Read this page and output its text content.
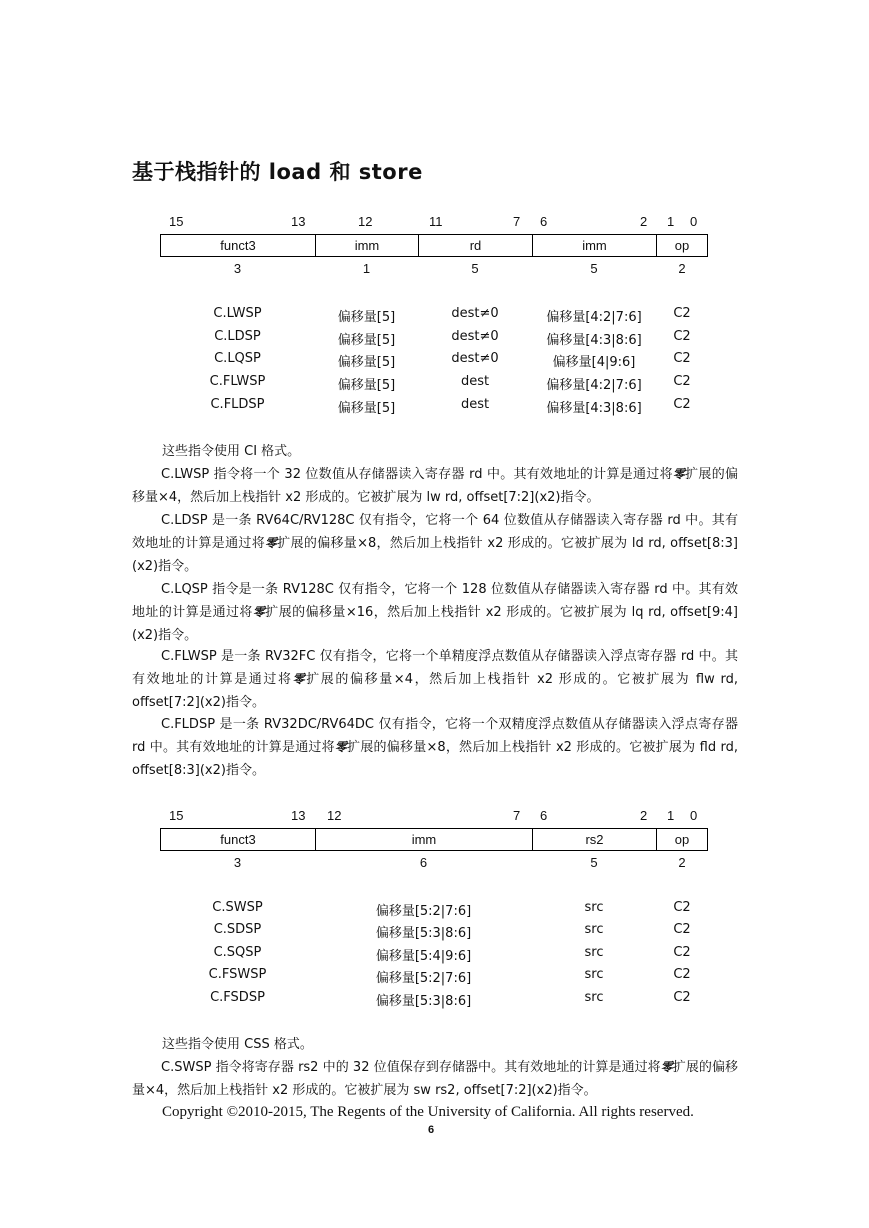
基于栈指针的 load 和 store
15	13	12	11	7 6	2 1 0
funct3	imm	rd	imm	op
3	1	5	5	2
C.LWSP	偏移量[5]	dest≠0	偏移量[4:2|7:6]	C2
C.LDSP	偏移量[5]	dest≠0	偏移量[4:3|8:6]	C2
C.LQSP	偏移量[5]	dest≠0	偏移量[4|9:6]	C2
C.FLWSP	偏移量[5]	dest	偏移量[4:2|7:6]	C2
C.FLDSP	偏移量[5]	dest	偏移量[4:3|8:6]	C2
这些指令使用 CI 格式。
C.LWSP 指令将一个 32 位数值从存储器读入寄存器 rd 中。其有效地址的计算是通过将零扩展的偏移量×4，然后加上栈指针 x2 形成的。它被扩展为 lw rd, offset[7:2](x2)指令。
C.LDSP 是一条 RV64C/RV128C 仅有指令，它将一个 64 位数值从存储器读入寄存器 rd 中。其有效地址的计算是通过将零扩展的偏移量×8，然后加上栈指针 x2 形成的。它被扩展为 ld rd, offset[8:3](x2)指令。
C.LQSP 指令是一条 RV128C 仅有指令，它将一个 128 位数值从存储器读入寄存器 rd 中。其有效地址的计算是通过将零扩展的偏移量×16，然后加上栈指针 x2 形成的。它被扩展为 lq rd, offset[9:4](x2)指令。
C.FLWSP 是一条 RV32FC 仅有指令，它将一个单精度浮点数值从存储器读入浮点寄存器 rd 中。其有效地址的计算是通过将零扩展的偏移量×4，然后加上栈指针 x2 形成的。它被扩展为 flw rd, offset[7:2](x2)指令。
C.FLDSP 是一条 RV32DC/RV64DC 仅有指令，它将一个双精度浮点数值从存储器读入浮点寄存器 rd 中。其有效地址的计算是通过将零扩展的偏移量×8，然后加上栈指针 x2 形成的。它被扩展为 fld rd, offset[8:3](x2)指令。
15	13 12	7 6	2 1 0
funct3	imm	rs2	op
3	6	5	2
C.SWSP	偏移量[5:2|7:6]	src	C2
C.SDSP	偏移量[5:3|8:6]	src	C2
C.SQSP	偏移量[5:4|9:6]	src	C2
C.FSWSP	偏移量[5:2|7:6]	src	C2
C.FSDSP	偏移量[5:3|8:6]	src	C2
这些指令使用 CSS 格式。
C.SWSP 指令将寄存器 rs2 中的 32 位值保存到存储器中。其有效地址的计算是通过将零扩展的偏移量×4，然后加上栈指针 x2 形成的。它被扩展为 sw rs2, offset[7:2](x2)指令。
Copyright ©2010-2015, The Regents of the University of California. All rights reserved.
6
